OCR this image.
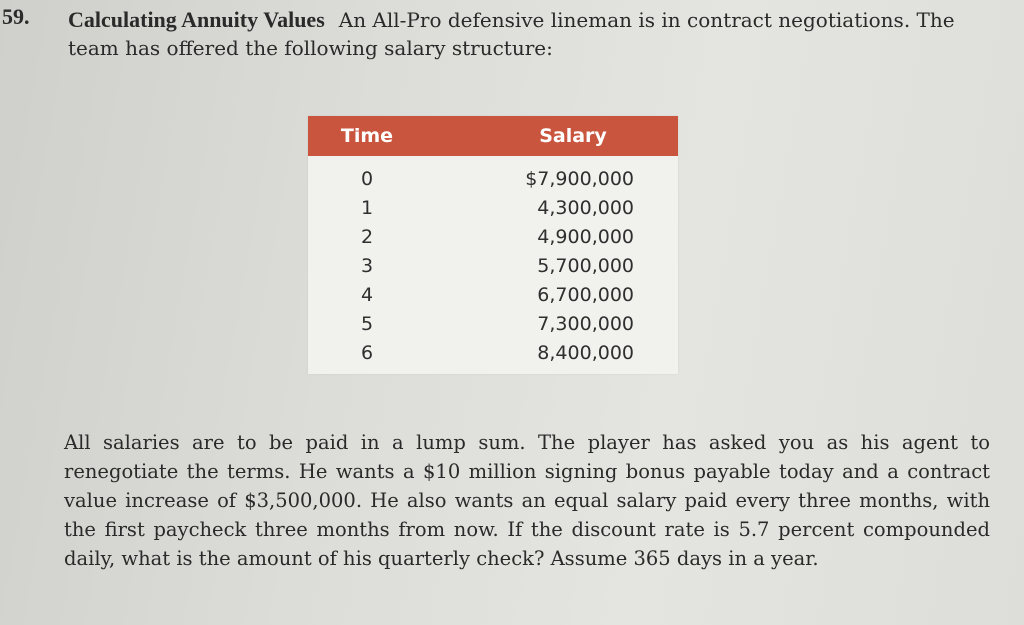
59. Calculating Annuity Values An All-Pro defensive lineman is in contract negotiations. The team has offered the following salary structure:
Time	Salary
0	$7,900,000
1	4,300,000
2	4,900,000
3	5,700,000
4	6,700,000
5	7,300,000
6	8,400,000
All salaries are to be paid in a lump sum. The player has asked you as his agent to renegotiate the terms. He wants a $10 million signing bonus payable today and a contract value increase of $3,500,000. He also wants an equal salary paid every three months, with the first paycheck three months from now. If the discount rate is 5.7 percent compounded daily, what is the amount of his quarterly check? Assume 365 days in a year.
